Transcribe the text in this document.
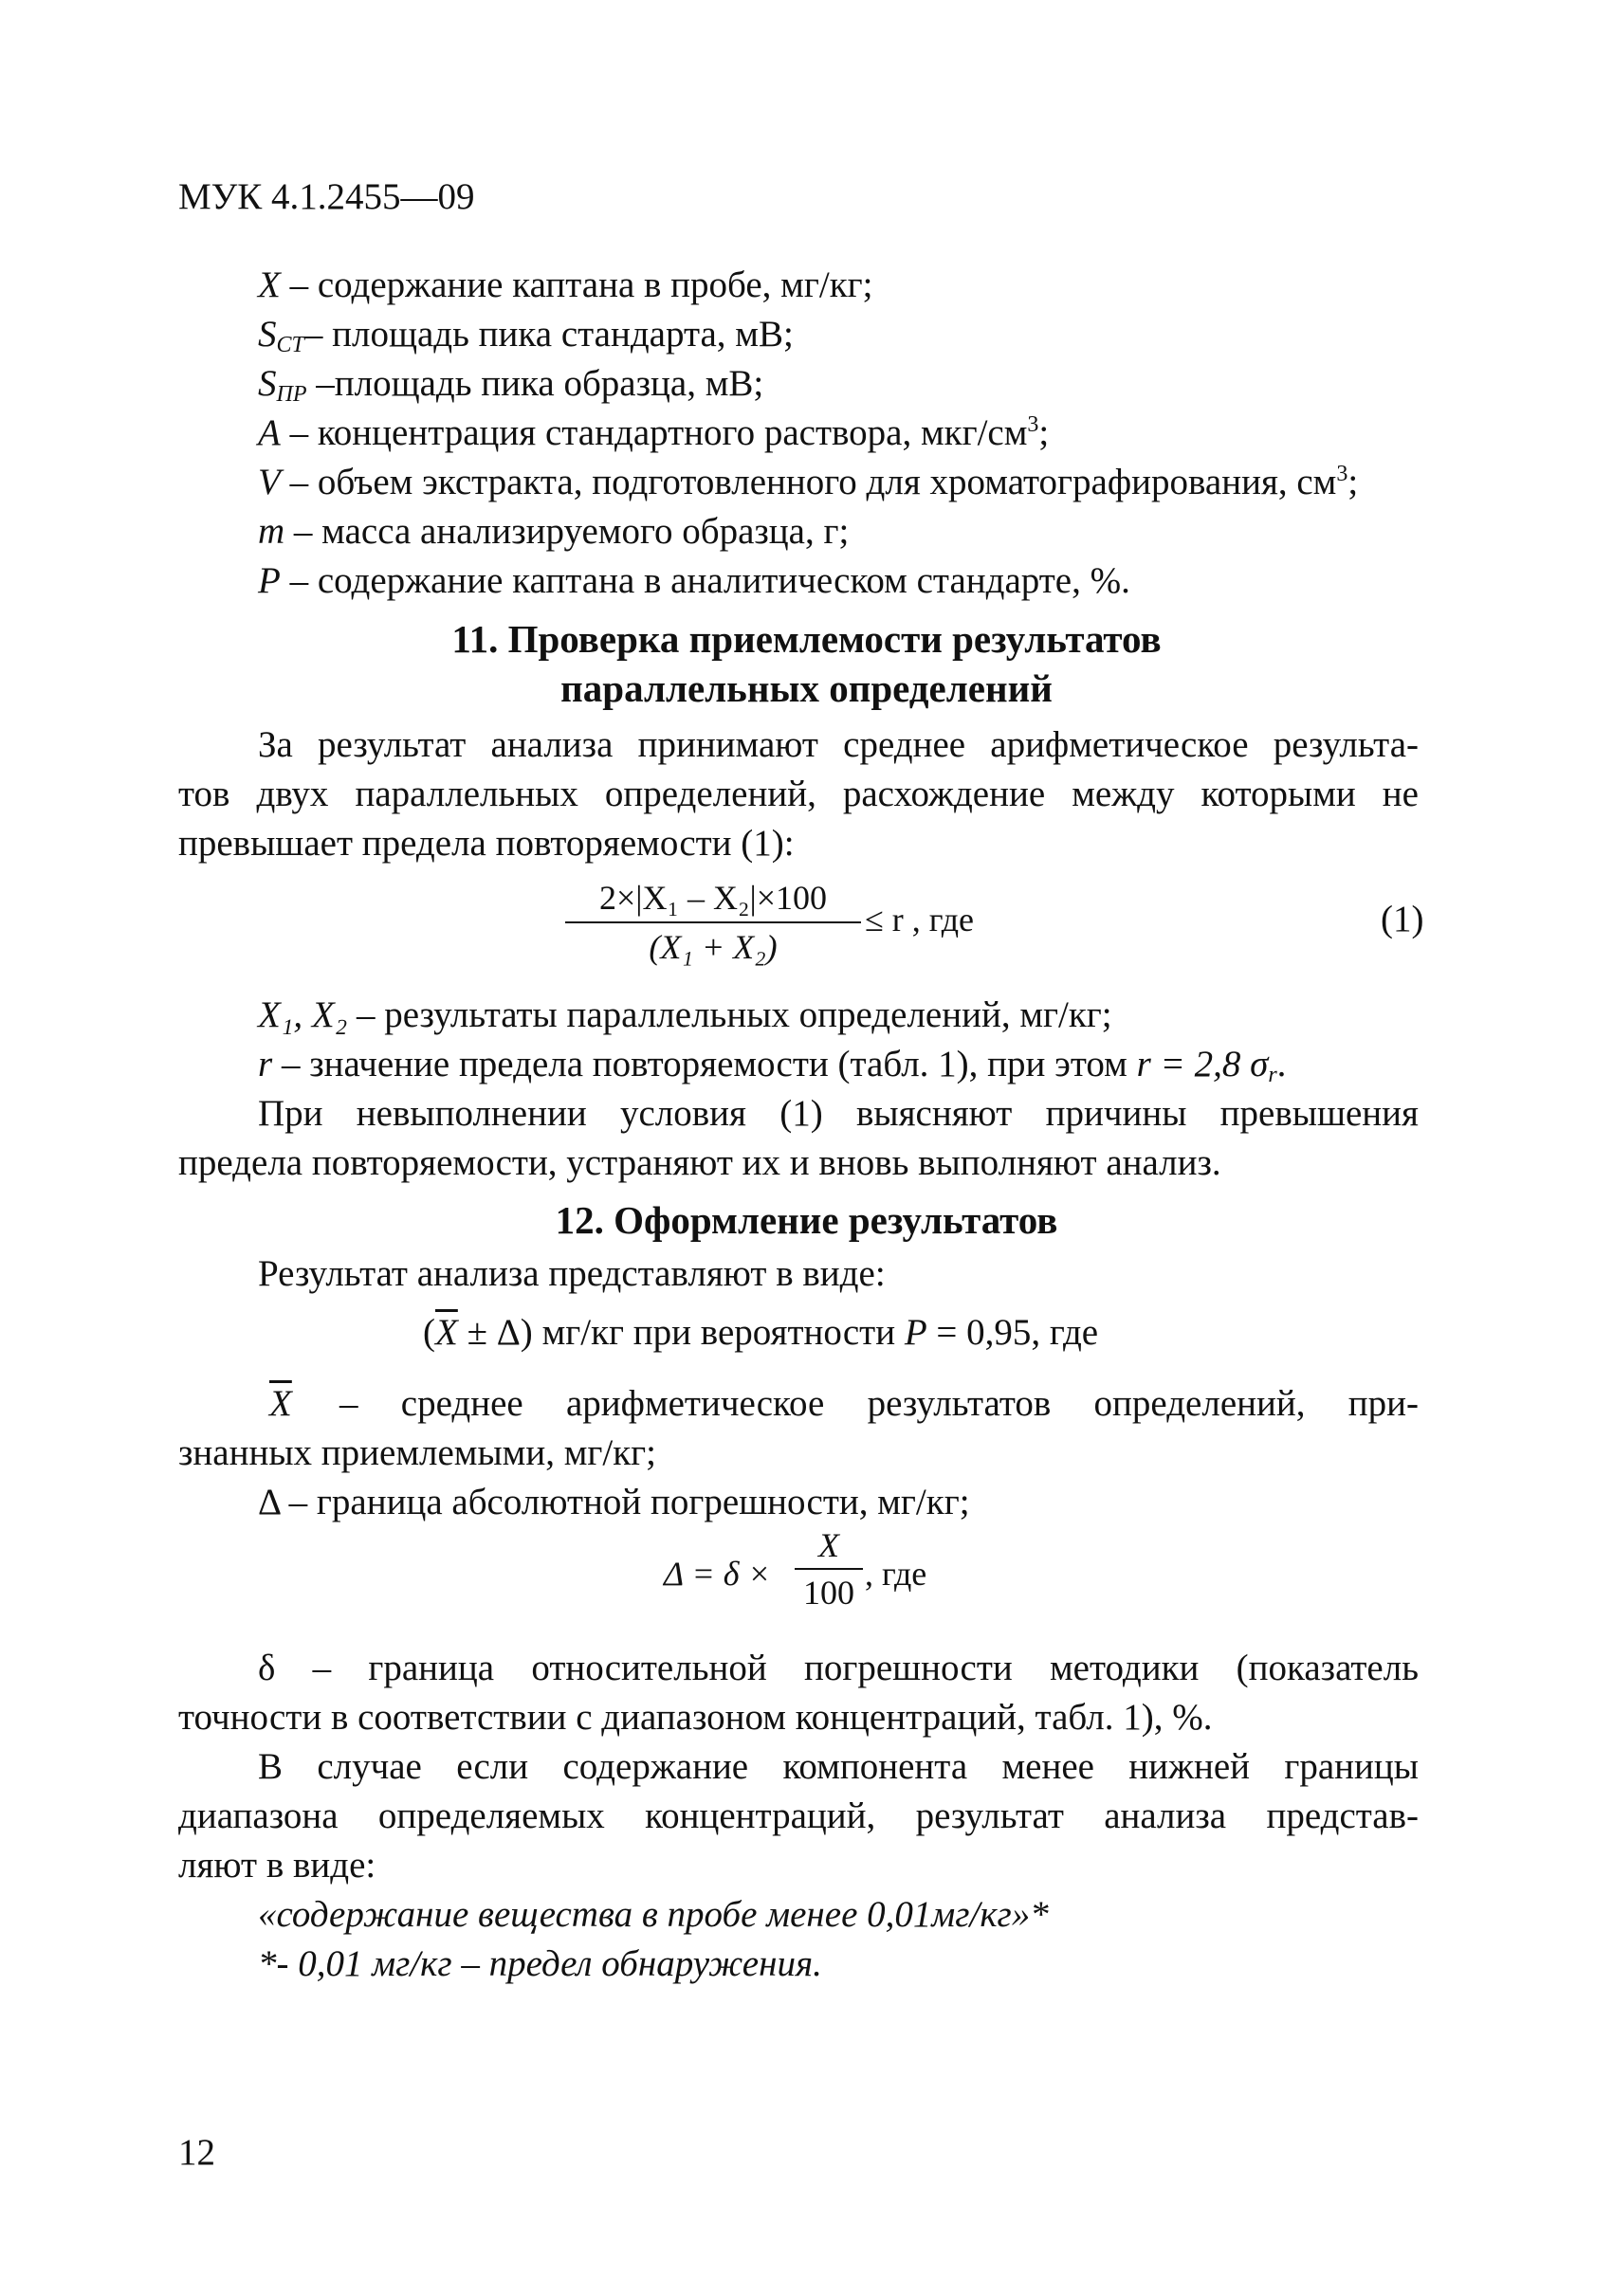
МУК 4.1.2455—09
X – содержание каптана в пробе, мг/кг;
$S_{СТ}-$ площадь пика стандарта, мВ;
$S_{ПР}$ –площадь пика образца, мВ;
А – концентрация стандартного раствора, мкг/$см^3$;
V – объем экстракта, подготовленного для хроматографирования, $см^3$;
m – масса анализируемого образца, г;
P – содержание каптана в аналитическом стандарте, %.
11. Проверка приемлемости результатов
параллельных определений
За результат анализа принимают среднее арифметическое результа-
тов двух параллельных определений, расхождение между которыми не
превышает предела повторяемости (1):
2×|X₁ – X₂|×100
(X₁ + X₂)
≤ r , где	(1)
X₁, X₂ – результаты параллельных определений, мг/кг;
r – значение предела повторяемости (табл. 1), при этом r = 2,8 $\sigma_r$.
При невыполнении условия (1) выясняют причины превышения
предела повторяемости, устраняют их и вновь выполняют анализ.
12. Оформление результатов
Результат анализа представляют в виде:
$(\overline{X} \pm \Delta)$ мг/кг при вероятности P = 0,95, где
$\overline{X}$ – среднее арифметическое результатов определений, при-
знанных приемлемыми, мг/кг;
Δ – граница абсолютной погрешности, мг/кг;
Δ = δ ×
X
100 , где
δ – граница относительной погрешности методики (показатель
точности в соответствии с диапазоном концентраций, табл. 1), %.
В случае если содержание компонента менее нижней границы
диапазона определяемых концентраций, результат анализа представ-
ляют в виде:
«содержание вещества в пробе менее 0,01мг/кг»*
*- 0,01 мг/кг – предел обнаружения.
12
